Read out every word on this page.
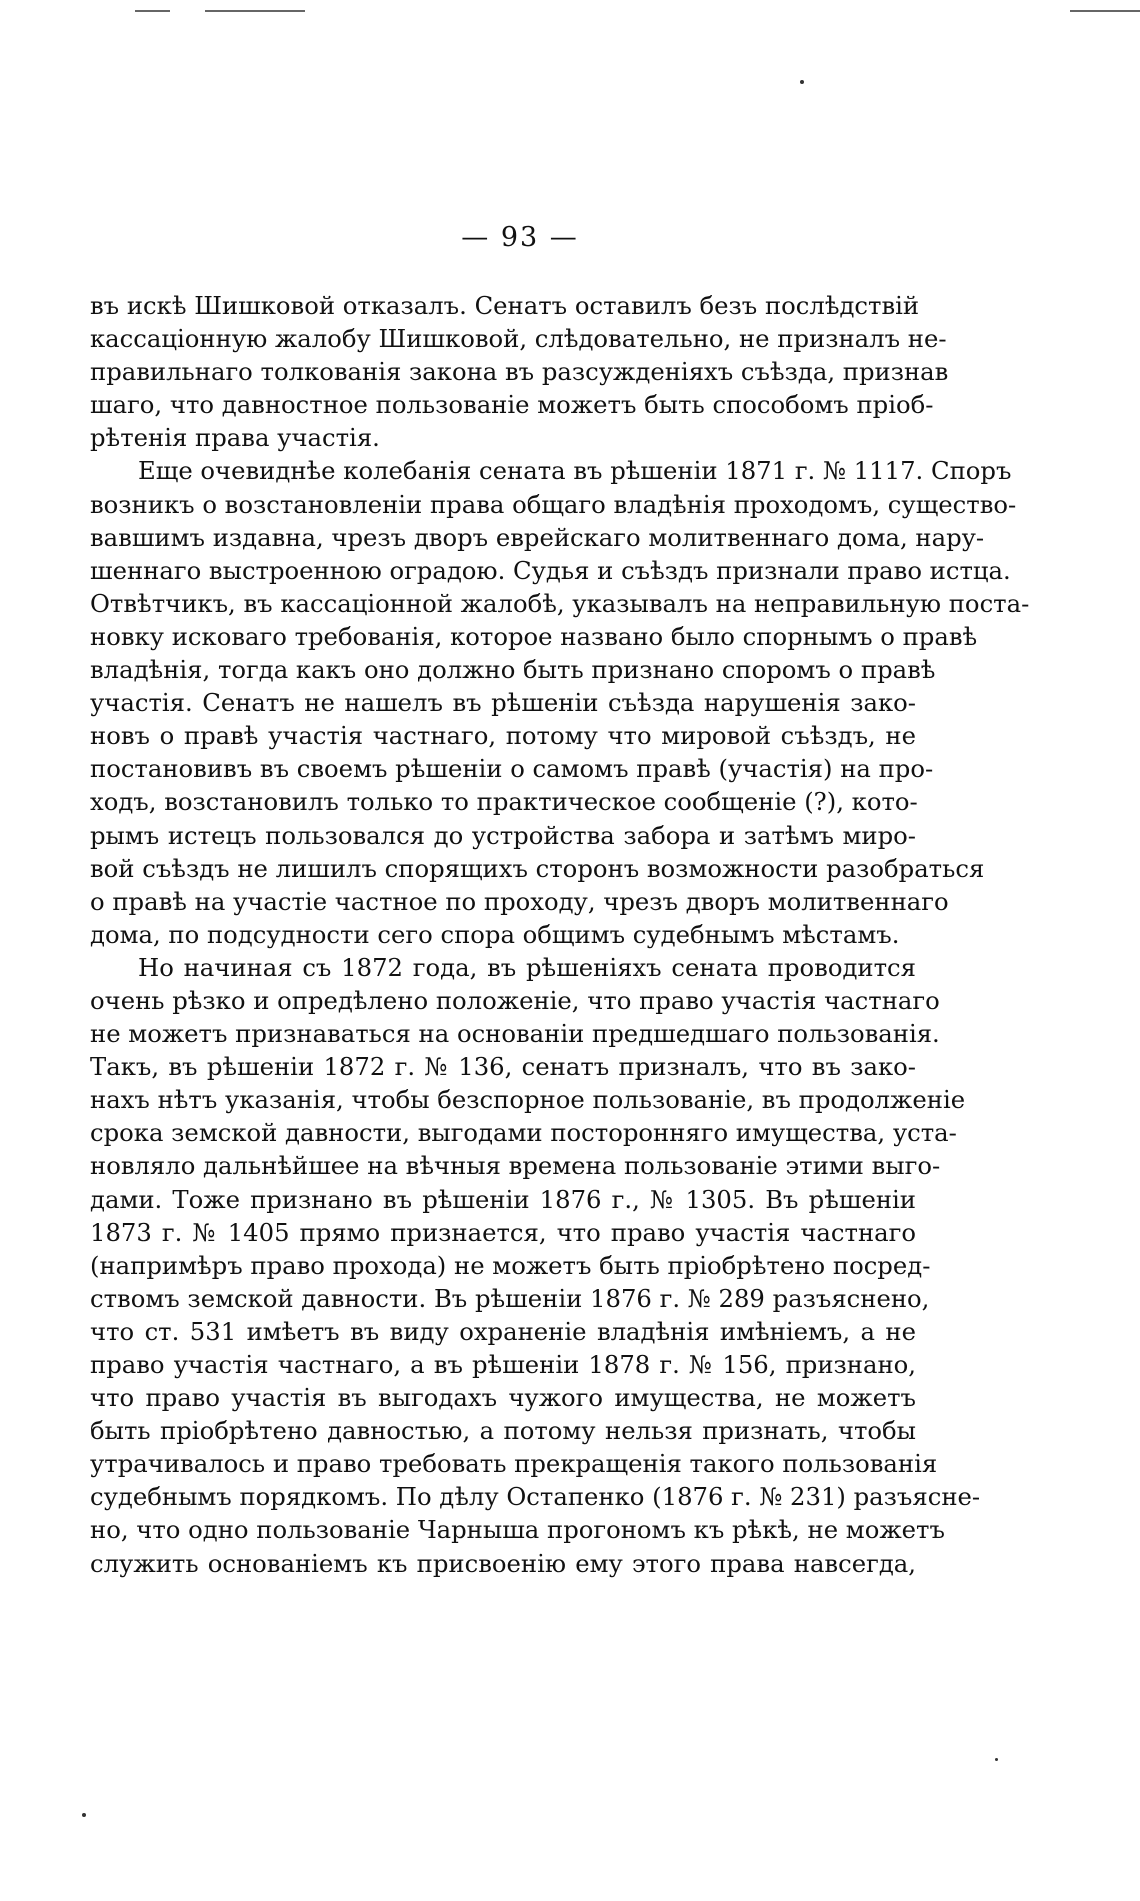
— 93 —
въ искѣ Шишковой отказалъ. Сенатъ оставилъ безъ послѣдствій
кассаціонную жалобу Шишковой, слѣдовательно, не призналъ не-
правильнаго толкованія закона въ разсужденіяхъ съѣзда, признав
шаго, что давностное пользованіе можетъ быть способомъ пріоб-
рѣтенія права участія.
Еще очевиднѣе колебанія сената въ рѣшеніи 1871 г. № 1117. Споръ
возникъ о возстановленіи права общаго владѣнія проходомъ, существо-
вавшимъ издавна, чрезъ дворъ еврейскаго молитвеннаго дома, нару-
шеннаго выстроенною оградою. Судья и съѣздъ признали право истца.
Отвѣтчикъ, въ кассаціонной жалобѣ, указывалъ на неправильную поста-
новку исковаго требованія, которое названо было спорнымъ о правѣ
владѣнія, тогда какъ оно должно быть признано споромъ о правѣ
участія. Сенатъ не нашелъ въ рѣшеніи съѣзда нарушенія зако-
новъ о правѣ участія частнаго, потому что мировой съѣздъ, не
постановивъ въ своемъ рѣшеніи о самомъ правѣ (участія) на про-
ходъ, возстановилъ только то практическое сообщеніе (?), кото-
рымъ истецъ пользовался до устройства забора и затѣмъ миро-
вой съѣздъ не лишилъ спорящихъ сторонъ возможности разобраться
о правѣ на участіе частное по проходу, чрезъ дворъ молитвеннаго
дома, по подсудности сего спора общимъ судебнымъ мѣстамъ.
Но начиная съ 1872 года, въ рѣшеніяхъ сената проводится
очень рѣзко и опредѣлено положеніе, что право участія частнаго
не можетъ признаваться на основаніи предшедшаго пользованія.
Такъ, въ рѣшеніи 1872 г. № 136, сенатъ призналъ, что въ зако-
нахъ нѣтъ указанія, чтобы безспорное пользованіе, въ продолженіе
срока земской давности, выгодами посторонняго имущества, уста-
новляло дальнѣйшее на вѣчныя времена пользованіе этими выго-
дами. Тоже признано въ рѣшеніи 1876 г., № 1305. Въ рѣшеніи
1873 г. № 1405 прямо признается, что право участія частнаго
(напримѣръ право прохода) не можетъ быть пріобрѣтено посред-
ствомъ земской давности. Въ рѣшеніи 1876 г. № 289 разъяснено,
что ст. 531 имѣетъ въ виду охраненіе владѣнія имѣніемъ, а не
право участія частнаго, а въ рѣшеніи 1878 г. № 156, признано,
что право участія въ выгодахъ чужого имущества, не можетъ
быть пріобрѣтено давностью, а потому нельзя признать, чтобы
утрачивалось и право требовать прекращенія такого пользованія
судебнымъ порядкомъ. По дѣлу Остапенко (1876 г. № 231) разъясне-
но, что одно пользованіе Чарныша прогономъ къ рѣкѣ, не можетъ
служить основаніемъ къ присвоенію ему этого права навсегда,
